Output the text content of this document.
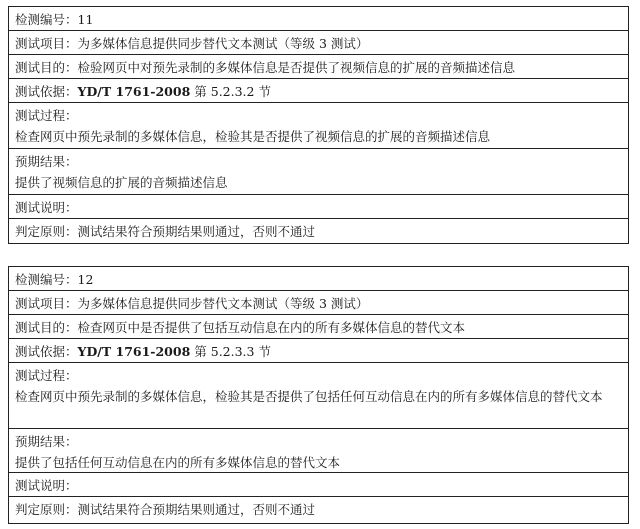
检测编号：11
测试项目：为多媒体信息提供同步替代文本测试（等级 3 测试）
测试目的：检验网页中对预先录制的多媒体信息是否提供了视频信息的扩展的音频描述信息
测试依据：YD/T 1761-2008 第 5.2.3.2 节
测试过程：
检查网页中预先录制的多媒体信息，检验其是否提供了视频信息的扩展的音频描述信息
预期结果：
提供了视频信息的扩展的音频描述信息
测试说明：
判定原则：测试结果符合预期结果则通过，否则不通过
检测编号：12
测试项目：为多媒体信息提供同步替代文本测试（等级 3 测试）
测试目的：检查网页中是否提供了包括互动信息在内的所有多媒体信息的替代文本
测试依据：YD/T 1761-2008 第 5.2.3.3 节
测试过程：
检查网页中预先录制的多媒体信息，检验其是否提供了包括任何互动信息在内的所有多媒体信息的替代文本
预期结果：
提供了包括任何互动信息在内的所有多媒体信息的替代文本
测试说明：
判定原则：测试结果符合预期结果则通过，否则不通过
